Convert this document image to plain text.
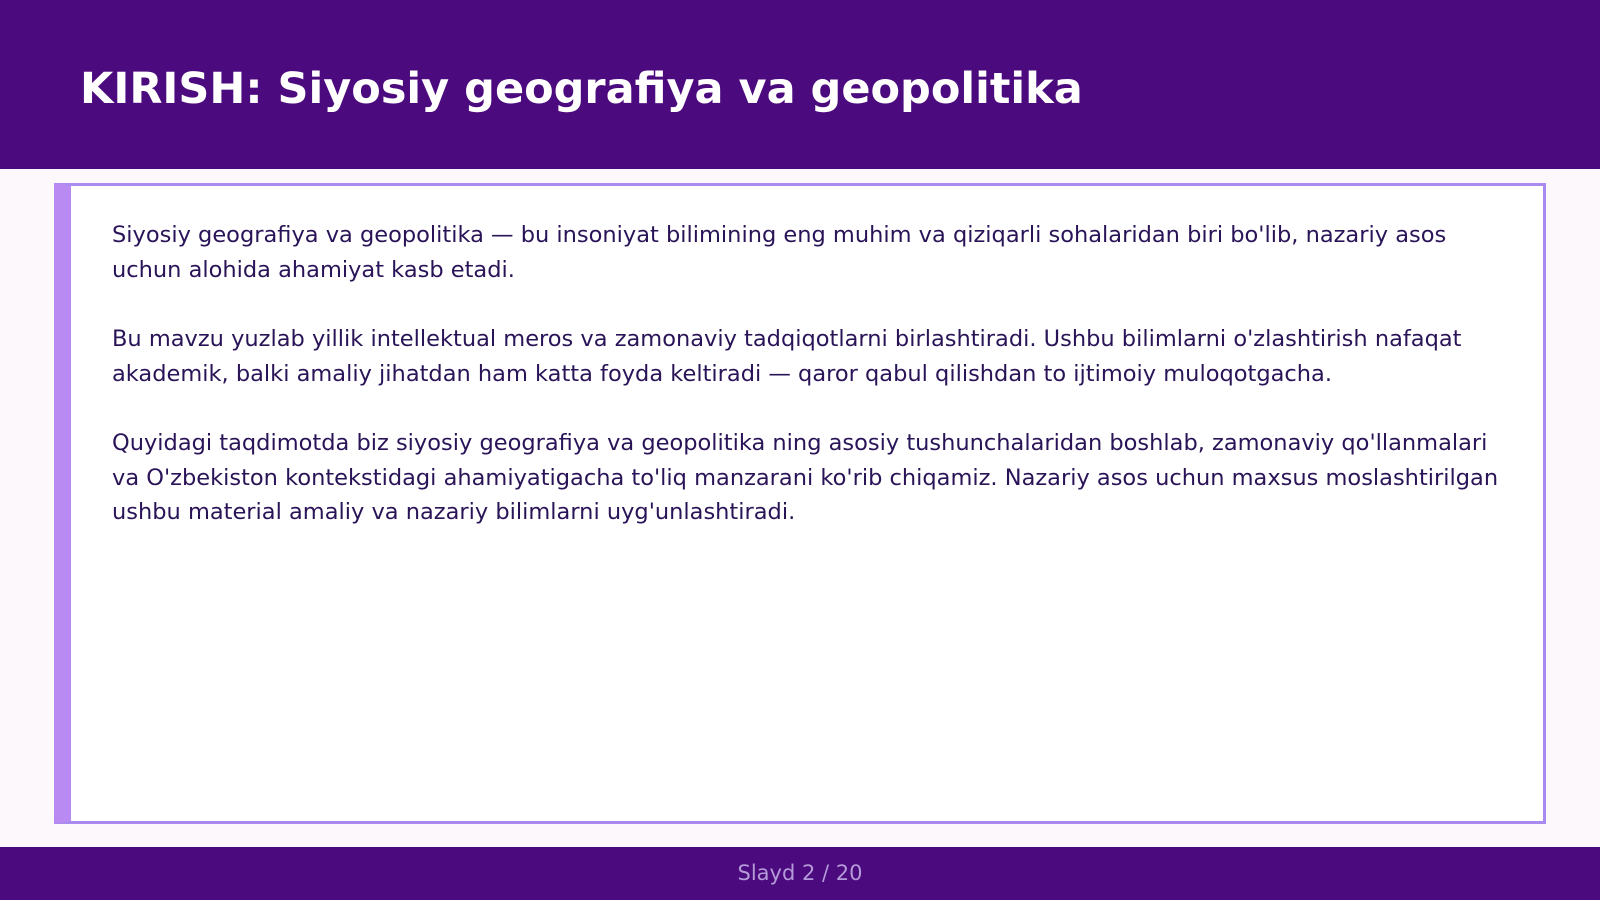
KIRISH: Siyosiy geografiya va geopolitika

Siyosiy geografiya va geopolitika — bu insoniyat bilimining eng muhim va qiziqarli sohalaridan biri bo'lib, nazariy asos uchun alohida ahamiyat kasb etadi.

Bu mavzu yuzlab yillik intellektual meros va zamonaviy tadqiqotlarni birlashtiradi. Ushbu bilimlarni o'zlashtirish nafaqat akademik, balki amaliy jihatdan ham katta foyda keltiradi — qaror qabul qilishdan to ijtimoiy muloqotgacha.

Quyidagi taqdimotda biz siyosiy geografiya va geopolitika ning asosiy tushunchalaridan boshlab, zamonaviy qo'llanmalari va O'zbekiston kontekstidagi ahamiyatigacha to'liq manzarani ko'rib chiqamiz. Nazariy asos uchun maxsus moslashtirilgan ushbu material amaliy va nazariy bilimlarni uyg'unlashtiradi.

Slayd 2 / 20
